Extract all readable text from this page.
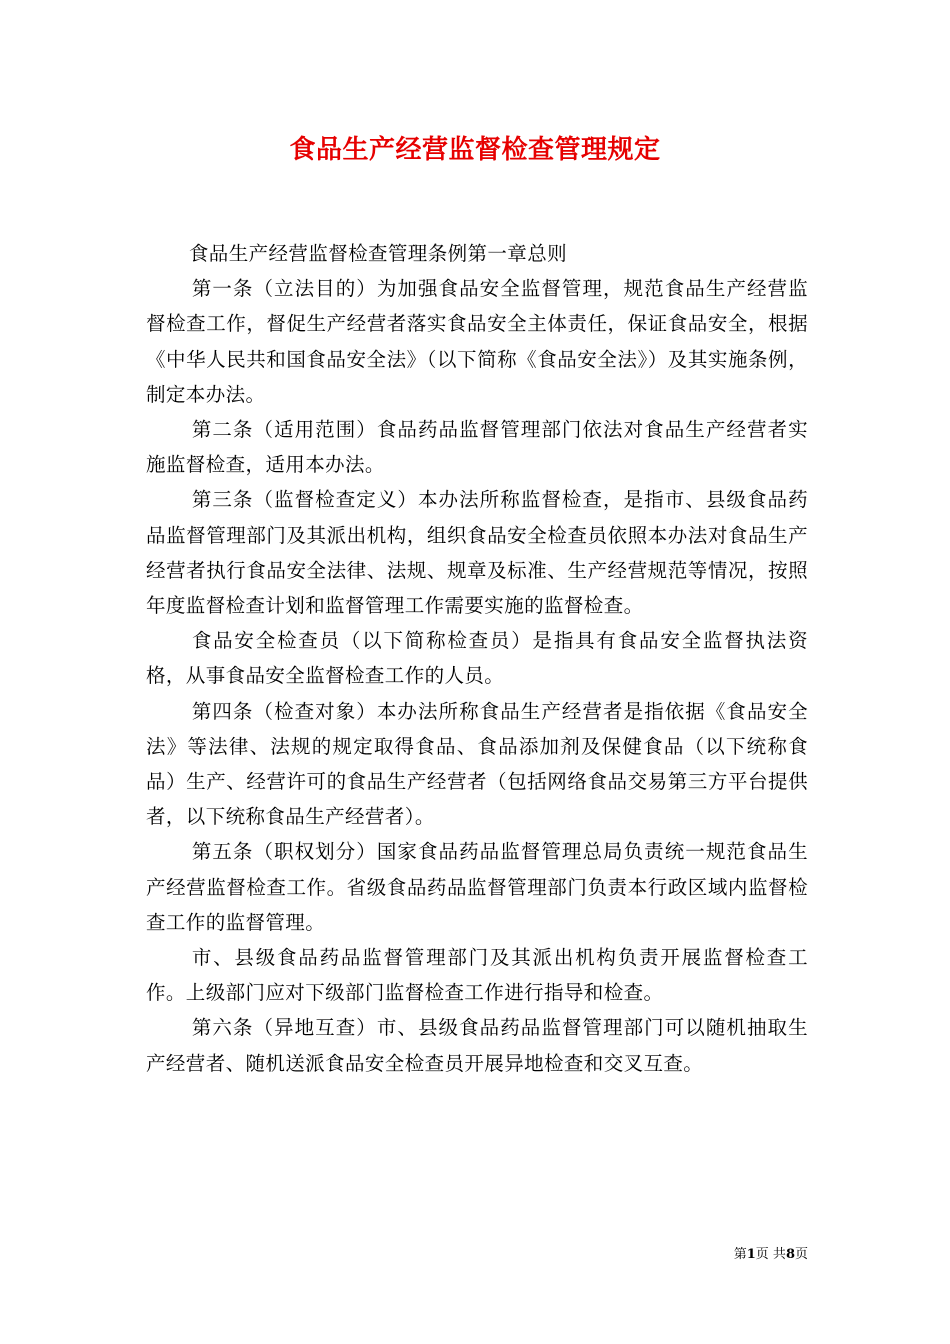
食品生产经营监督检查管理规定

食品生产经营监督检查管理条例第一章总则

第一条（立法目的）为加强食品安全监督管理，规范食品生产经营监督检查工作，督促生产经营者落实食品安全主体责任，保证食品安全，根据《中华人民共和国食品安全法》（以下简称《食品安全法》）及其实施条例，制定本办法。

第二条（适用范围）食品药品监督管理部门依法对食品生产经营者实施监督检查，适用本办法。

第三条（监督检查定义）本办法所称监督检查，是指市、县级食品药品监督管理部门及其派出机构，组织食品安全检查员依照本办法对食品生产经营者执行食品安全法律、法规、规章及标准、生产经营规范等情况，按照年度监督检查计划和监督管理工作需要实施的监督检查。

食品安全检查员（以下简称检查员）是指具有食品安全监督执法资格，从事食品安全监督检查工作的人员。

第四条（检查对象）本办法所称食品生产经营者是指依据《食品安全法》等法律、法规的规定取得食品、食品添加剂及保健食品（以下统称食品）生产、经营许可的食品生产经营者（包括网络食品交易第三方平台提供者，以下统称食品生产经营者）。

第五条（职权划分）国家食品药品监督管理总局负责统一规范食品生产经营监督检查工作。省级食品药品监督管理部门负责本行政区域内监督检查工作的监督管理。

市、县级食品药品监督管理部门及其派出机构负责开展监督检查工作。上级部门应对下级部门监督检查工作进行指导和检查。

第六条（异地互查）市、县级食品药品监督管理部门可以随机抽取生产经营者、随机送派食品安全检查员开展异地检查和交叉互查。

第1页 共8页
